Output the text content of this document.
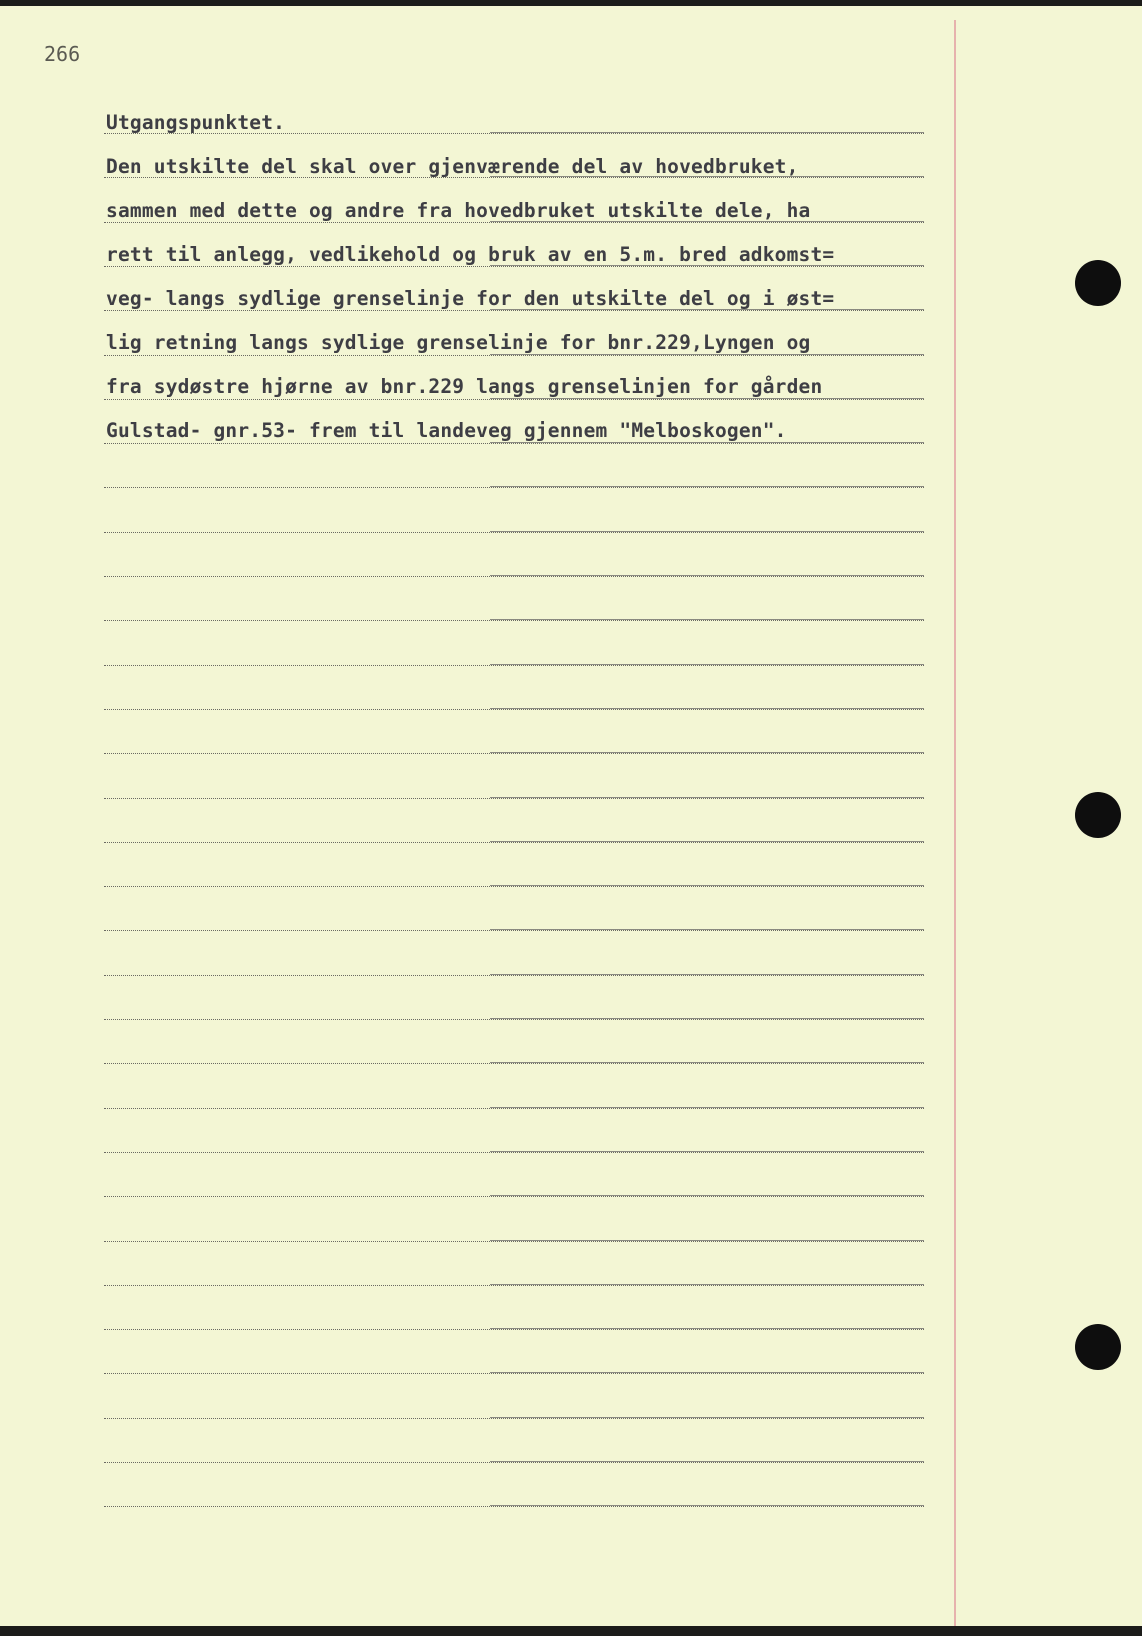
266
Utgangspunktet.
Den utskilte del skal over gjenværende del av hovedbruket,
sammen med dette og andre fra hovedbruket utskilte dele, ha
rett til anlegg, vedlikehold og bruk av en 5.m. bred adkomst=
veg- langs sydlige grenselinje for den utskilte del og i øst=
lig retning langs sydlige grenselinje for bnr.229,Lyngen og
fra sydøstre hjørne av bnr.229 langs grenselinjen for gården
Gulstad- gnr.53- frem til landeveg gjennem "Melboskogen".
